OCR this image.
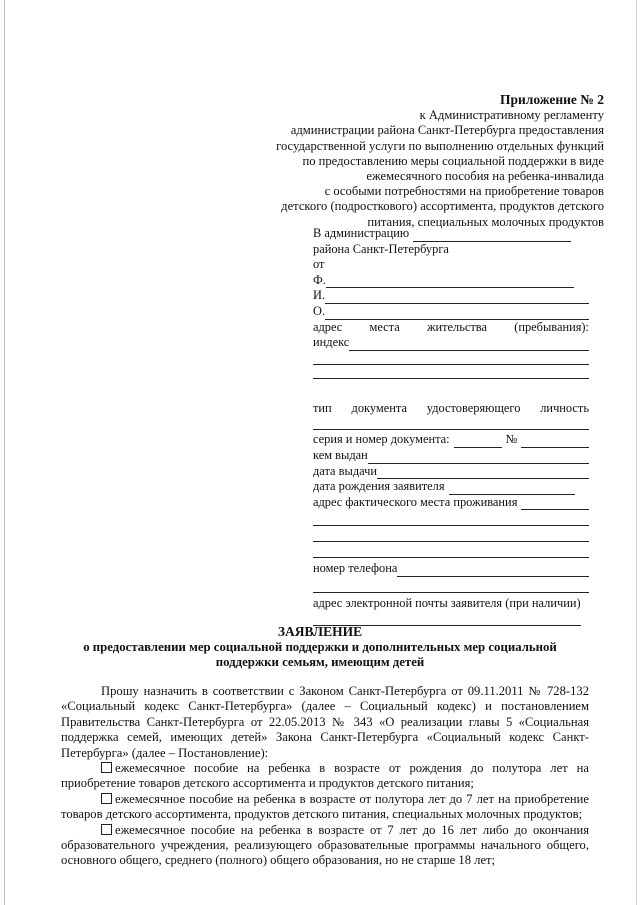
Приложение № 2
к Административному регламенту
администрации района Санкт-Петербурга предоставления
государственной услуги по выполнению отдельных функций
по предоставлению меры социальной поддержки в виде
ежемесячного пособия на ребенка-инвалида
с особыми потребностями на приобретение товаров
детского (подросткового) ассортимента, продуктов детского
питания, специальных молочных продуктов
В администрацию
района Санкт-Петербурга
от
Ф.
И.
О.
адрес места жительства (пребывания):
индекс
тип документа удостоверяющего личность
серия и номер документа:	№
кем выдан
дата выдачи
дата рождения заявителя
адрес фактического места проживания
номер телефона
адрес электронной почты заявителя (при наличии)
ЗАЯВЛЕНИЕ
о предоставлении мер социальной поддержки и дополнительных мер социальной поддержки семьям, имеющим детей

Прошу назначить в соответствии с Законом Санкт-Петербурга от 09.11.2011 № 728-132 «Социальный кодекс Санкт-Петербурга» (далее – Социальный кодекс) и постановлением Правительства Санкт-Петербурга от 22.05.2013 № 343 «О реализации главы 5 «Социальная поддержка семей, имеющих детей» Закона Санкт-Петербурга «Социальный кодекс Санкт-Петербурга» (далее – Постановление):

ежемесячное пособие на ребенка в возрасте от рождения до полутора лет на приобретение товаров детского ассортимента и продуктов детского питания;

ежемесячное пособие на ребенка в возрасте от полутора лет до 7 лет на приобретение товаров детского ассортимента, продуктов детского питания, специальных молочных продуктов;

ежемесячное пособие на ребенка в возрасте от 7 лет до 16 лет либо до окончания образовательного учреждения, реализующего образовательные программы начального общего, основного общего, среднего (полного) общего образования, но не старше 18 лет;
